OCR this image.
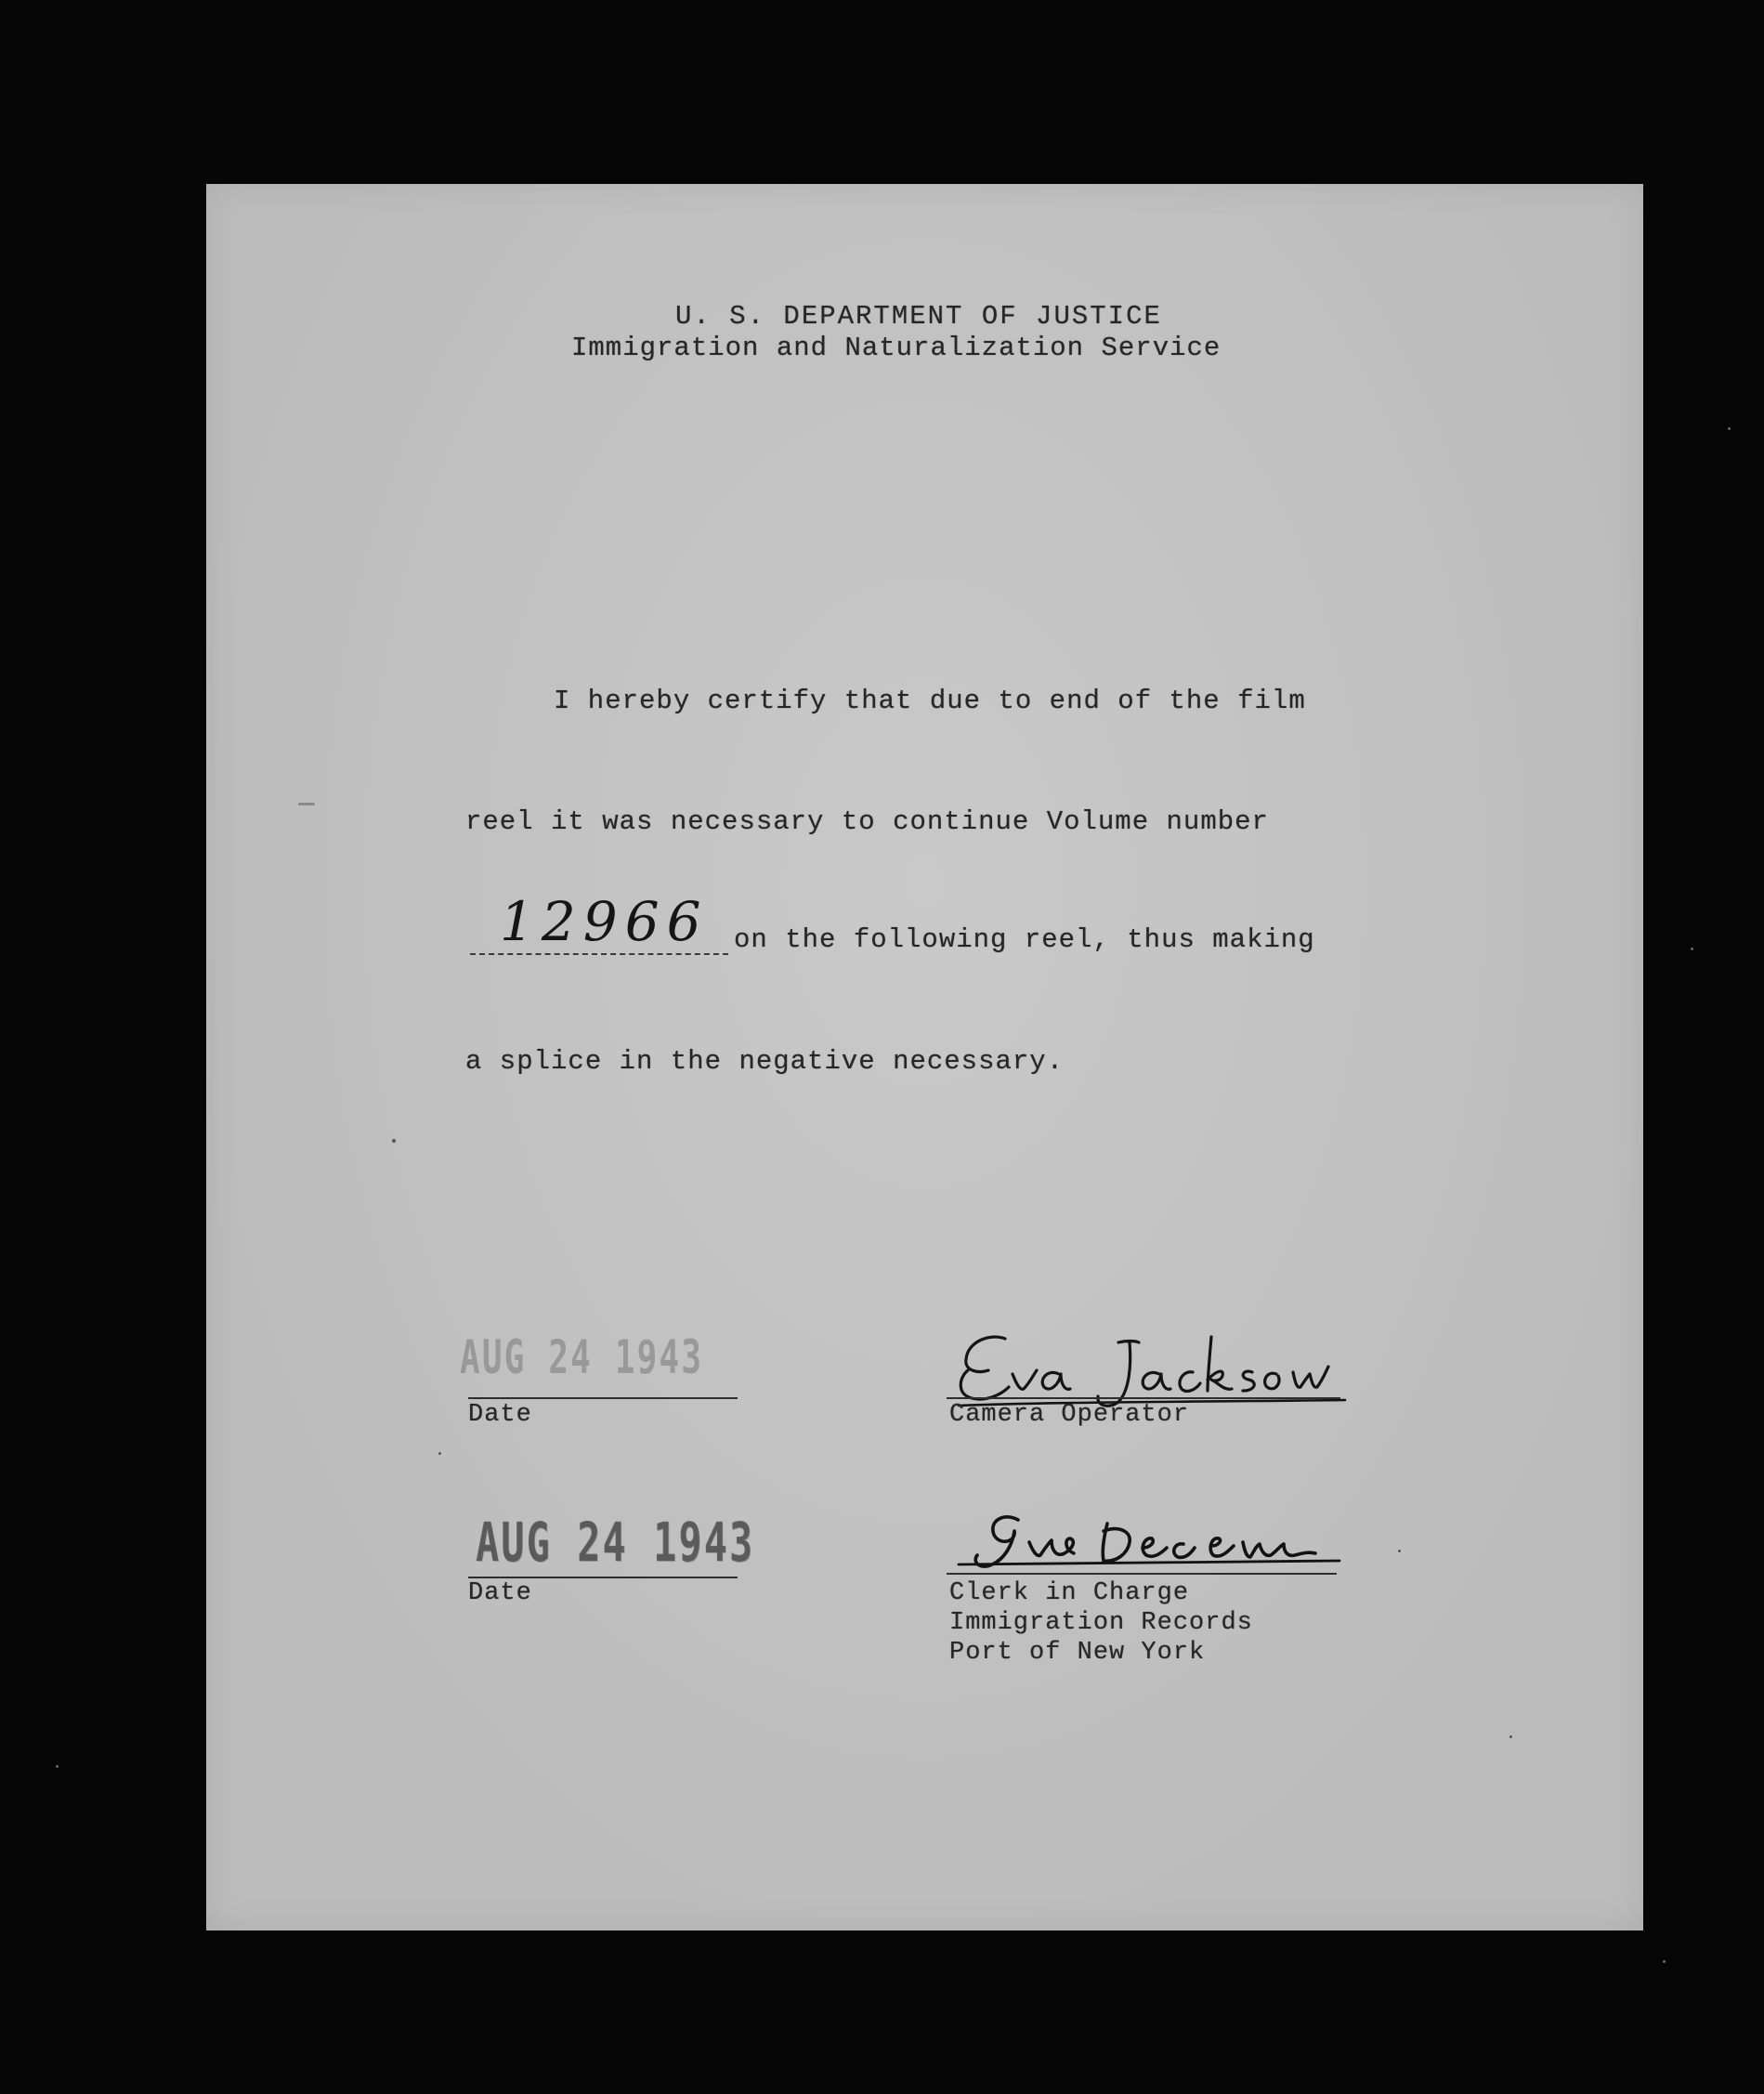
U. S. DEPARTMENT OF JUSTICE

Immigration and Naturalization Service

I hereby certify that due to end of the film

reel it was necessary to continue Volume number

12966 on the following reel, thus making

a splice in the negative necessary.

AUG 24 1943

Date	Camera Operator

AUG 24 1943

Date	Clerk in Charge

Immigration Records

Port of New York
